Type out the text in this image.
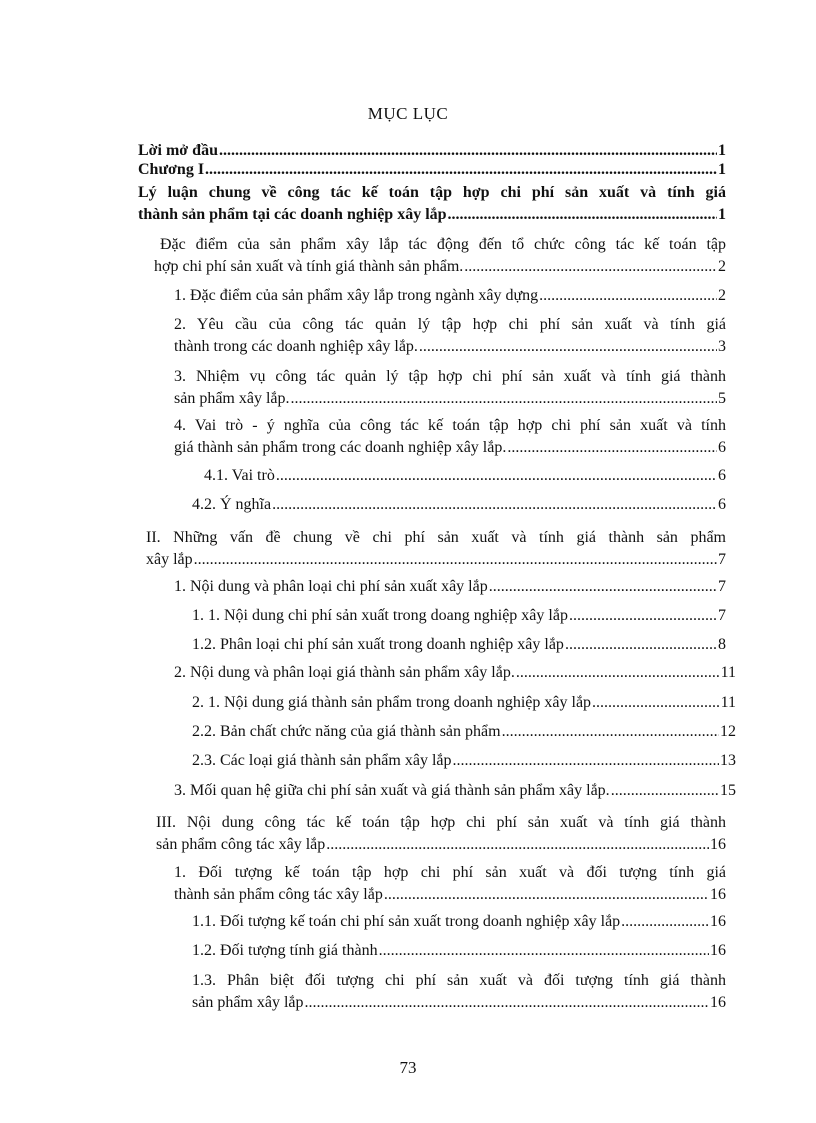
MỤC LỤC
Lời mở đầu .....	1
Chương I .....	1
Lý luận chung về công tác kế toán tập hợp chi phí sản xuất và tính giá
thành sản phẩm tại các doanh nghiệp xây lắp .....	1
Đặc điểm của sản phẩm xây lắp tác động đến tổ chức công tác kế toán tập
hợp chi phí sản xuất và tính giá thành sản phẩm. .....	2
1. Đặc điểm của sản phẩm xây lắp trong ngành xây dựng .....	2
2. Yêu cầu của công tác quản lý tập hợp chi phí sản xuất và tính giá
thành trong các doanh nghiệp xây lắp. .....	3
3. Nhiệm vụ công tác quản lý tập hợp chi phí sản xuất và tính giá thành
sản phẩm xây lắp. .....	5
4. Vai trò - ý nghĩa của công tác kế toán tập hợp chi phí sản xuất và tính
giá thành sản phẩm trong các doanh nghiệp xây lắp. .....	6
4.1. Vai trò .....	6
4.2. Ý nghĩa .....	6
II. Những vấn đề chung về chi phí sản xuất và tính giá thành sản phẩm
xây lắp .....	7
1. Nội dung và phân loại chi phí sản xuất xây lắp .....	7
1. 1. Nội dung chi phí sản xuất trong doang nghiệp xây lắp .....	7
1.2. Phân loại chi phí sản xuất trong doanh nghiệp xây lắp .....	8
2. Nội dung và phân loại giá thành sản phẩm xây lắp. .....	11
2. 1. Nội dung giá thành sản phẩm trong doanh nghiệp xây lắp .....	11
2.2. Bản chất chức năng của giá thành sản phẩm .....	12
2.3. Các loại giá thành sản phẩm xây lắp .....	13
3. Mối quan hệ giữa chi phí sản xuất và giá thành sản phẩm xây lắp. .....	15
III. Nội dung công tác kế toán tập hợp chi phí sản xuất và tính giá thành
sản phẩm công tác xây lắp .....	16
1. Đối tượng kế toán tập hợp chi phí sản xuất và đối tượng tính giá
thành sản phẩm công tác xây lắp .....	16
1.1. Đối tượng kế toán chi phí sản xuất trong doanh nghiệp xây lắp .....	16
1.2. Đối tượng tính giá thành .....	16
1.3. Phân biệt đối tượng chi phí sản xuất và đối tượng tính giá thành
sản phẩm xây lắp .....	16
73
